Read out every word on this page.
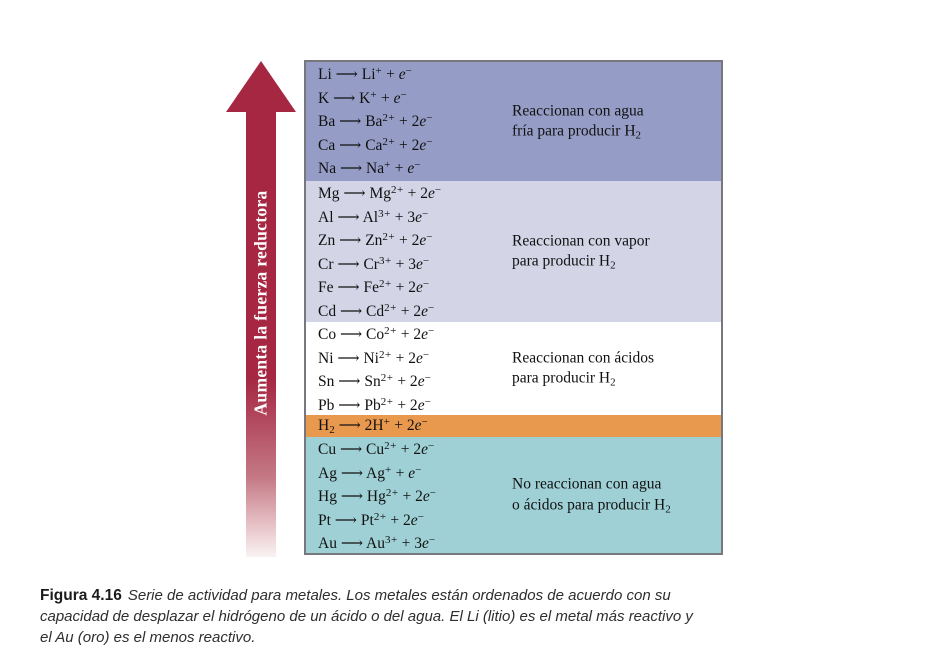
Aumenta la fuerza reductora
Li ⟶ Li+ + e−
K ⟶ K+ + e−
Ba ⟶ $Ba^{2+} + 2e^-$
Ca ⟶ $Ca^{2+} + 2e^-$
Na ⟶ Na+ + e−
Reaccionan con agua
fría para producir $H_2$
Mg ⟶ $Mg^{2+} + 2e^-$
Al ⟶ $Al^{3+} + 3e^-$
Zn ⟶ $Zn^{2+} + 2e^-$
Cr ⟶ $Cr^{3+} + 3e^-$
Fe ⟶ $Fe^{2+} + 2e^-$
Cd ⟶ $Cd^{2+} + 2e^-$
Reaccionan con vapor
para producir $H_2$
Co ⟶ $Co^{2+} + 2e^-$
Ni ⟶ $Ni^{2+} + 2e^-$
Sn ⟶ $Sn^{2+} + 2e^-$
Pb ⟶ $Pb^{2+} + 2e^-$
Reaccionan con ácidos
para producir $H_2$
$H_2$ ⟶ 2H+ + 2e−
Cu ⟶ $Cu^{2+} + 2e^-$
Ag ⟶ Ag+ + e−
Hg ⟶ $Hg^{2+} + 2e^-$
Pt ⟶ $Pt^{2+} + 2e^-$
Au ⟶ $Au^{3+} + 3e^-$
No reaccionan con agua
o ácidos para producir $H_2$
Figura 4.16 Serie de actividad para metales. Los metales están ordenados de acuerdo con su
capacidad de desplazar el hidrógeno de un ácido o del agua. El Li (litio) es el metal más reactivo y
el Au (oro) es el menos reactivo.
